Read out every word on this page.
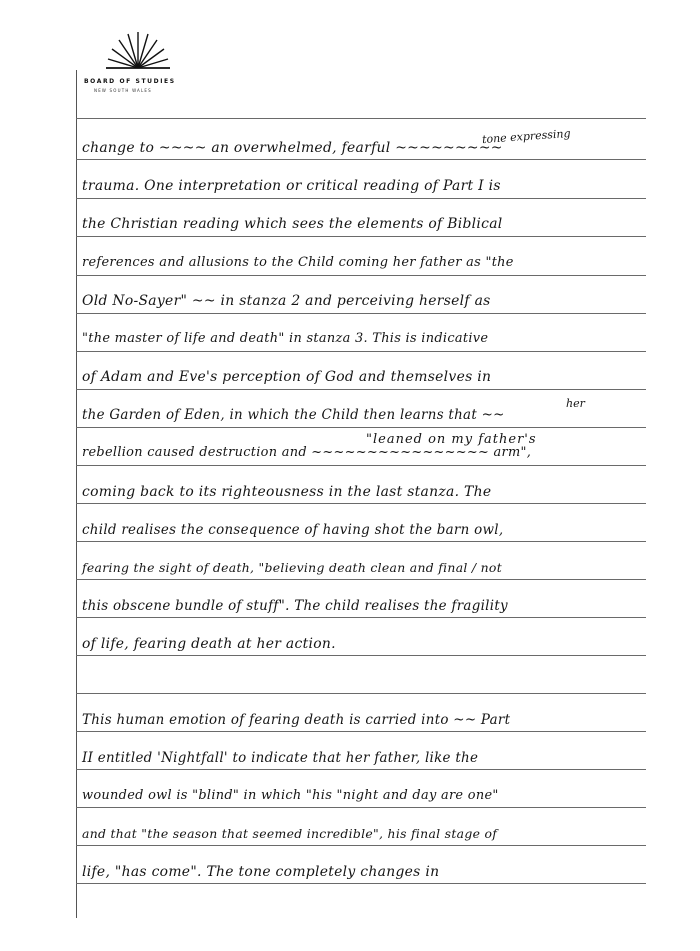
BOARD OF STUDIES
NEW SOUTH WALES
tone expressing
her
"leaned on my father's
change to ~~~~ an overwhelmed, fearful ~~~~~~~~~
trauma. One interpretation or critical reading of Part I is
the Christian reading which sees the elements of Biblical
references and allusions to the Child coming her father as "the
Old No-Sayer" ~~ in stanza 2 and perceiving herself as
"the master of life and death" in stanza 3. This is indicative
of Adam and Eve's perception of God and themselves in
the Garden of Eden, in which the Child then learns that ~~
rebellion caused destruction and ~~~~~~~~~~~~~~~~ arm",
coming back to its righteousness in the last stanza. The
child realises the consequence of having shot the barn owl,
fearing the sight of death, "believing death clean and final / not
this obscene bundle of stuff". The child realises the fragility
of life, fearing death at her action.
This human emotion of fearing death is carried into ~~ Part
II entitled 'Nightfall' to indicate that her father, like the
wounded owl is "blind" in which "his "night and day are one"
and that "the season that seemed incredible", his final stage of
life, "has come". The tone completely changes in
